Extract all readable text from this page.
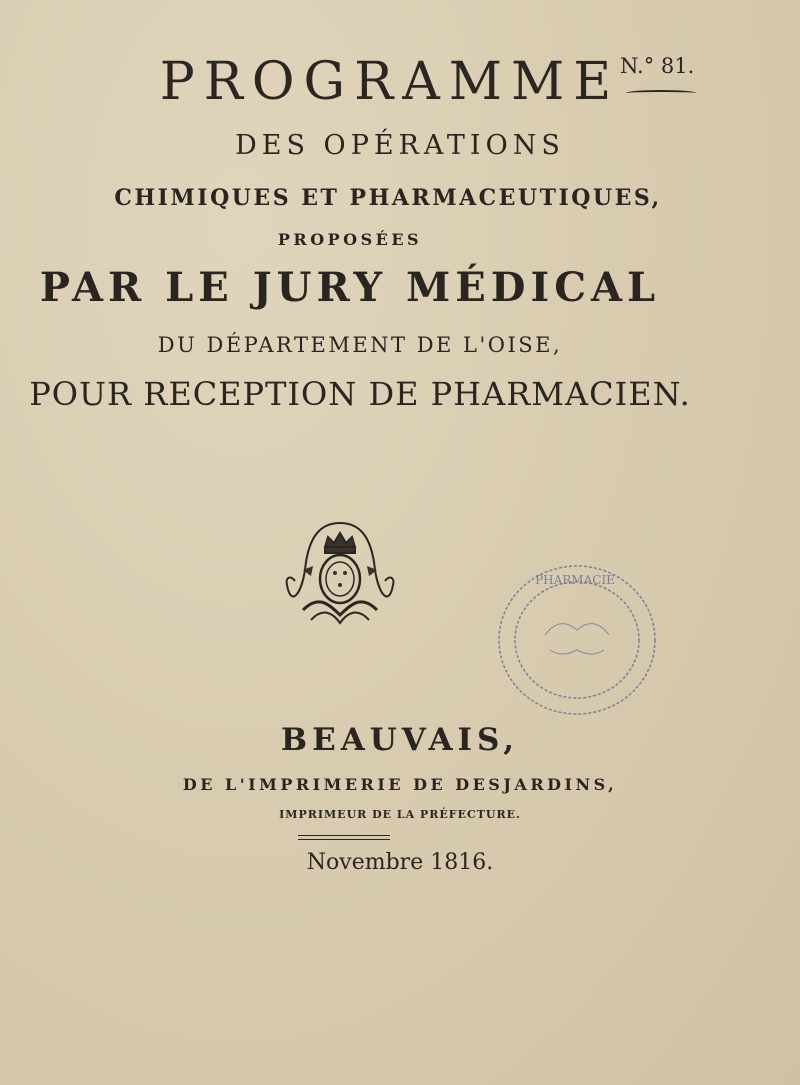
PROGRAMME N.° 81.
DES OPÉRATIONS
CHIMIQUES ET PHARMACEUTIQUES,
PROPOSÉES
PAR LE JURY MÉDICAL
DU DÉPARTEMENT DE L'OISE,
POUR RECEPTION DE PHARMACIEN.
PHARMACIE
BEAUVAIS,
DE L'IMPRIMERIE DE DESJARDINS,
IMPRIMEUR DE LA PRÉFECTURE.
Novembre 1816.
